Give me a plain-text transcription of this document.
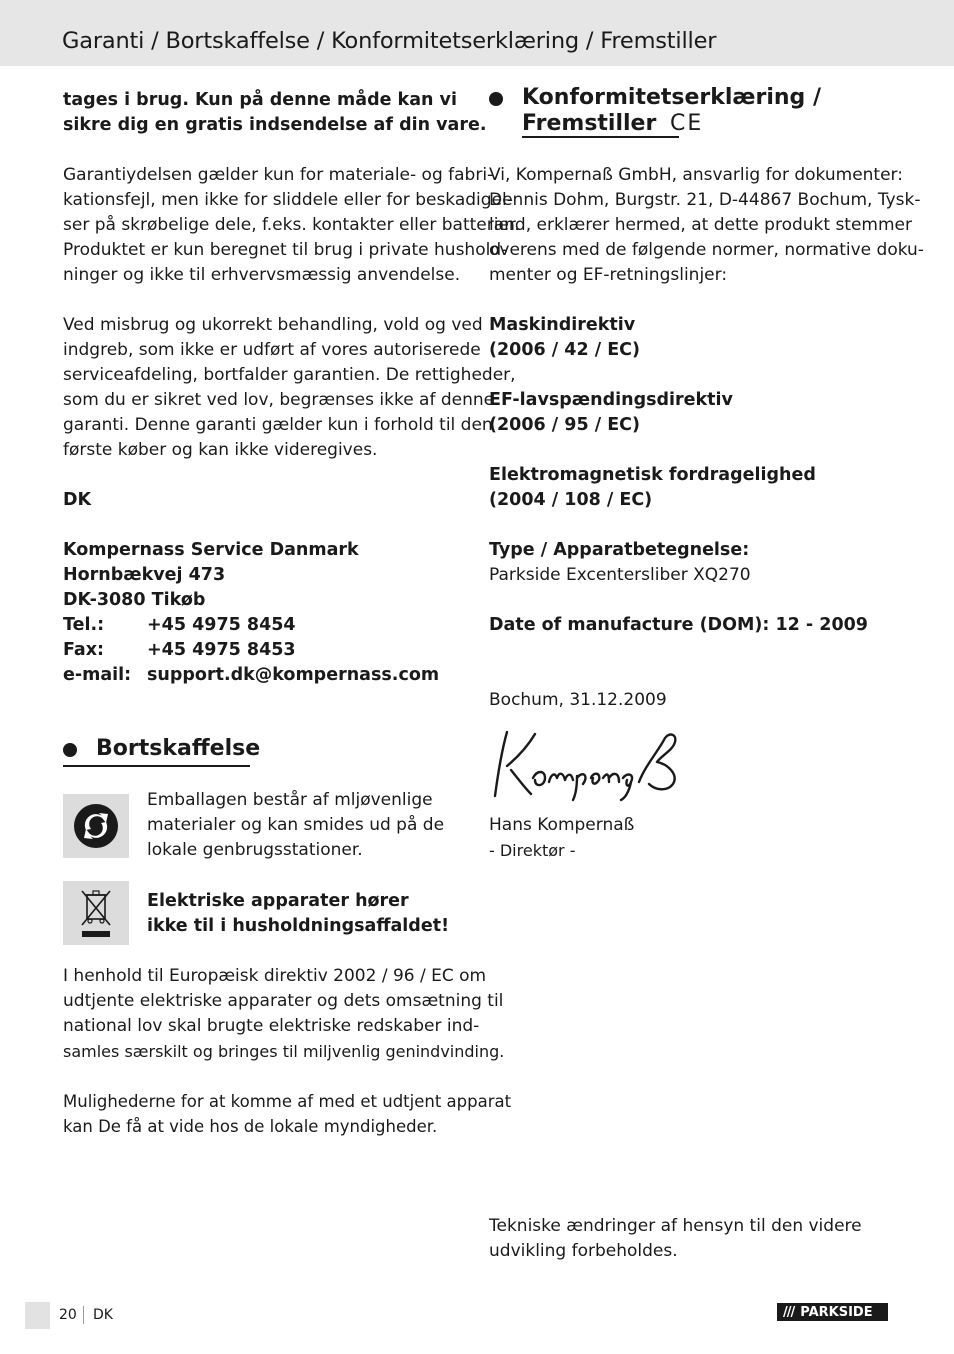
Garanti / Bortskaffelse / Konformitetserklæring / Fremstiller
tages i brug. Kun på denne måde kan vi
sikre dig en gratis indsendelse af din vare.
Garantiydelsen gælder kun for materiale- og fabri-
kationsfejl, men ikke for sliddele eller for beskadigel-
ser på skrøbelige dele, f.eks. kontakter eller batterier.
Produktet er kun beregnet til brug i private hushold-
ninger og ikke til erhvervsmæssig anvendelse.
Ved misbrug og ukorrekt behandling, vold og ved
indgreb, som ikke er udført af vores autoriserede
serviceafdeling, bortfalder garantien. De rettigheder,
som du er sikret ved lov, begrænses ikke af denne
garanti. Denne garanti gælder kun i forhold til den
første køber og kan ikke videregives.
DK
Kompernass Service Danmark
Hornbækvej 473
DK-3080 Tikøb
Tel.:	+45 4975 8454
Fax:	+45 4975 8453
e-mail: support.dk@kompernass.com
Bortskaffelse
Emballagen består af mljøvenlige
materialer og kan smides ud på de
lokale genbrugsstationer.
Elektriske apparater hører
ikke til i husholdningsaffaldet!
I henhold til Europæisk direktiv 2002 / 96 / EC om
udtjente elektriske apparater og dets omsætning til
national lov skal brugte elektriske redskaber ind-
samles særskilt og bringes til miljvenlig genindvinding.
Mulighederne for at komme af med et udtjent apparat
kan De få at vide hos de lokale myndigheder.
Konformitetserklæring /
Fremstiller CE
Vi, Kompernaß GmbH, ansvarlig for dokumenter:
Dennis Dohm, Burgstr. 21, D-44867 Bochum, Tysk-
land, erklærer hermed, at dette produkt stemmer
overens med de følgende normer, normative doku-
menter og EF-retningslinjer:
Maskindirektiv
(2006 / 42 / EC)
EF-lavspændingsdirektiv
(2006 / 95 / EC)
Elektromagnetisk fordragelighed
(2004 / 108 / EC)
Type / Apparatbetegnelse:
Parkside Excentersliber XQ270
Date of manufacture (DOM): 12 - 2009
Bochum, 31.12.2009
Hans Kompernaß
- Direktør -
Tekniske ændringer af hensyn til den videre
udvikling forbeholdes.
20 DK	/// PARKSIDE
